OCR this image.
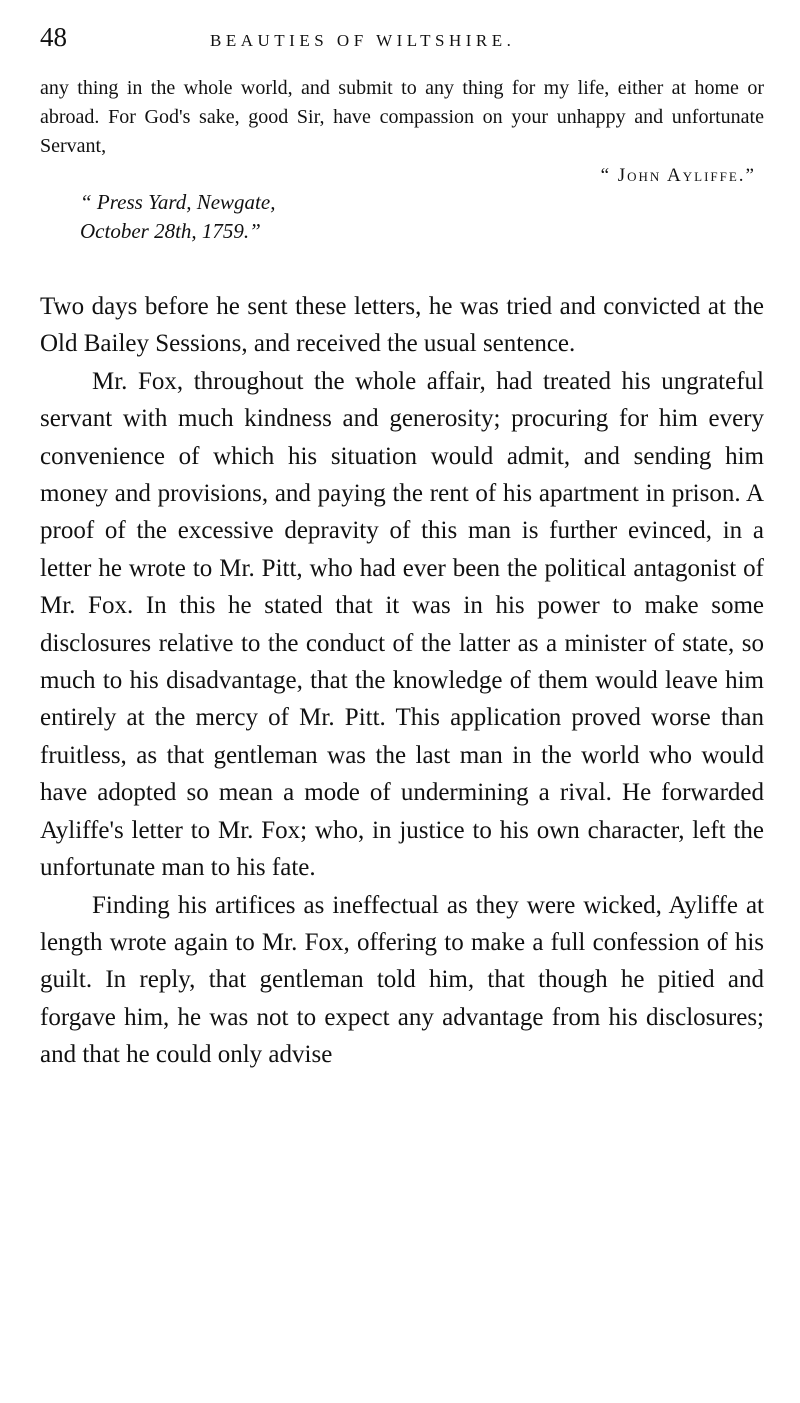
48	BEAUTIES OF WILTSHIRE.

any thing in the whole world, and submit to any thing for my life, either at home or abroad. For God's sake, good Sir, have compassion on your unhappy and unfortunate Servant,

“ John Ayliffe.”
“ Press Yard, Newgate,
October 28th, 1759.”

Two days before he sent these letters, he was tried and convicted at the Old Bailey Sessions, and received the usual sentence.

Mr. Fox, throughout the whole affair, had treated his ungrateful servant with much kindness and generosity; procuring for him every convenience of which his situation would admit, and sending him money and provisions, and paying the rent of his apartment in prison. A proof of the excessive depravity of this man is further evinced, in a letter he wrote to Mr. Pitt, who had ever been the political antagonist of Mr. Fox. In this he stated that it was in his power to make some disclosures relative to the conduct of the latter as a minister of state, so much to his disadvantage, that the knowledge of them would leave him entirely at the mercy of Mr. Pitt. This application proved worse than fruitless, as that gentleman was the last man in the world who would have adopted so mean a mode of undermining a rival. He forwarded Ayliffe's letter to Mr. Fox; who, in justice to his own character, left the unfortunate man to his fate.

Finding his artifices as ineffectual as they were wicked, Ayliffe at length wrote again to Mr. Fox, offering to make a full confession of his guilt. In reply, that gentleman told him, that though he pitied and forgave him, he was not to expect any advantage from his disclosures; and that he could only advise
